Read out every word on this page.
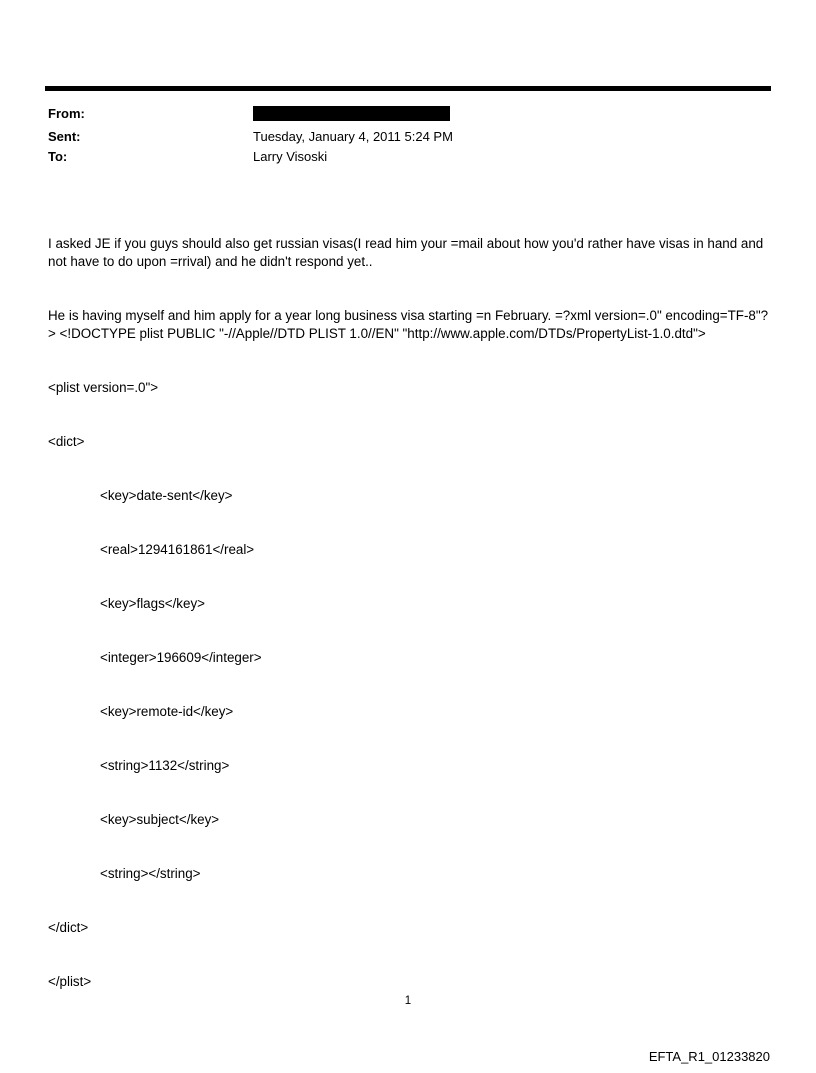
From:
Sent:	Tuesday, January 4, 2011 5:24 PM
To:	Larry Visoski

I asked JE if you guys should also get russian visas(I read him your =mail about how you'd rather have visas in hand and not have to do upon =rrival) and he didn't respond yet..

He is having myself and him apply for a year long business visa starting =n February. =?xml version=.0" encoding=TF-8"?> <!DOCTYPE plist PUBLIC "-//Apple//DTD PLIST 1.0//EN" "http://www.apple.com/DTDs/PropertyList-1.0.dtd">

<plist version=.0">

<dict>

<key>date-sent</key>

<real>1294161861</real>

<key>flags</key>

<integer>196609</integer>

<key>remote-id</key>

<string>1132</string>

<key>subject</key>

<string></string>

</dict>

</plist>

1
EFTA_R1_01233820
